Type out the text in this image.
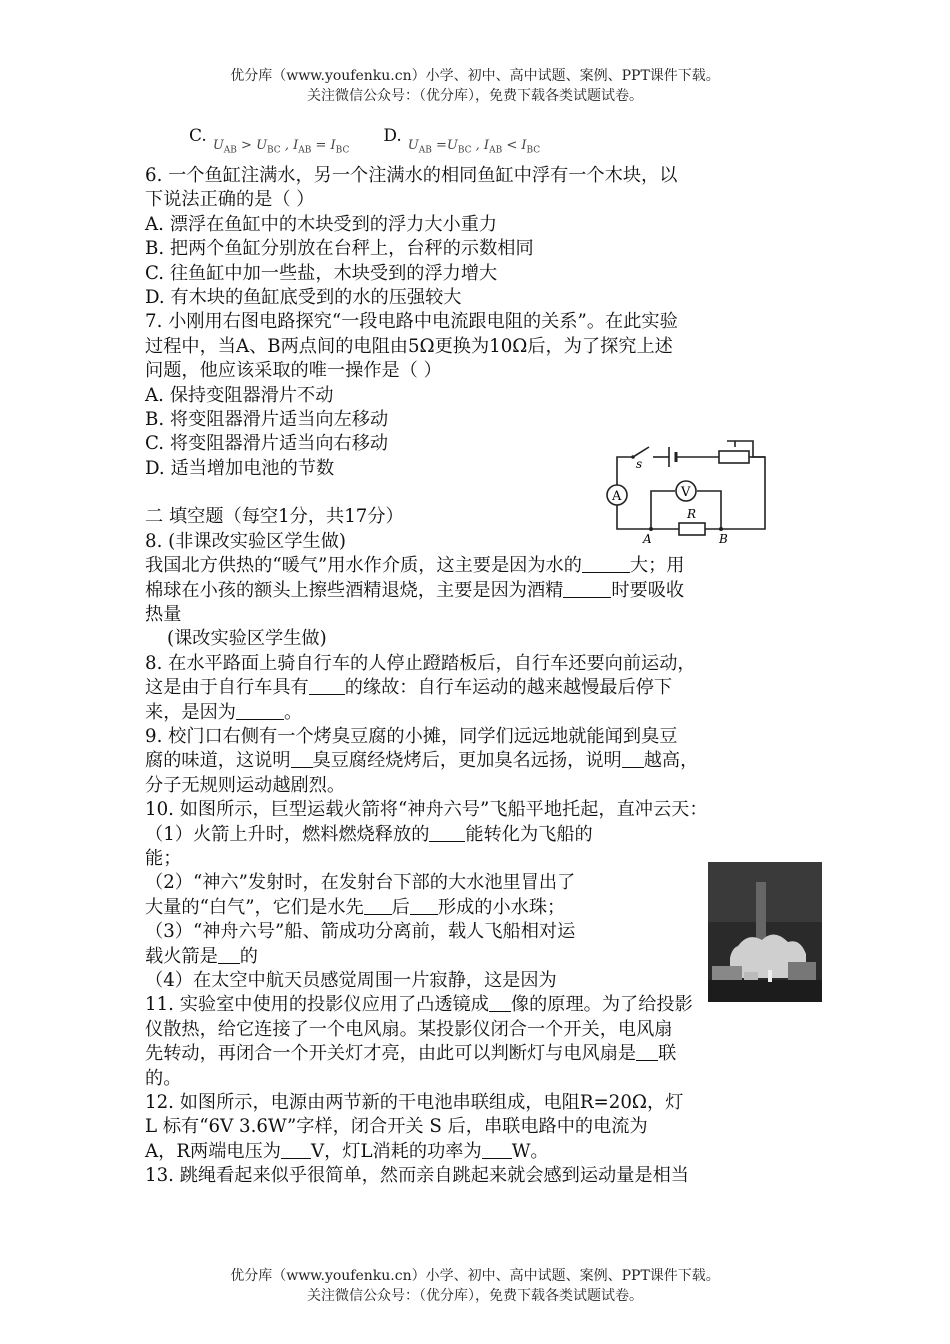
优分库（www.youfenku.cn）小学、初中、高中试题、案例、PPT课件下载。
关注微信公众号：（优分库），免费下载各类试题试卷。
C. $U_{AB} > U_{BC}$ , $I_{AB} = I_{BC}$
D. $U_{AB} =U_{BC}$ , $I_{AB} < I_{BC}$
6. 一个鱼缸注满水，另一个注满水的相同鱼缸中浮有一个木块，以
下说法正确的是（ ）
A. 漂浮在鱼缸中的木块受到的浮力大小重力
B. 把两个鱼缸分别放在台秤上，台秤的示数相同
C. 往鱼缸中加一些盐，木块受到的浮力增大
D. 有木块的鱼缸底受到的水的压强较大
7. 小刚用右图电路探究“一段电路中电流跟电阻的关系”。在此实验
过程中，当A、B两点间的电阻由5Ω更换为10Ω后，为了探究上述
问题，他应该采取的唯一操作是（ ）
A. 保持变阻器滑片不动
B. 将变阻器滑片适当向左移动
C. 将变阻器滑片适当向右移动
D. 适当增加电池的节数
二 填空题（每空1分，共17分）
8. (非课改实验区学生做)
我国北方供热的“暖气”用水作介质，这主要是因为水的	大；用
棉球在小孩的额头上擦些酒精退烧，主要是因为酒精	时要吸收
热量
(课改实验区学生做)
8. 在水平路面上骑自行车的人停止蹬踏板后，自行车还要向前运动，
这是由于自行车具有 的缘故：自行车运动的越来越慢最后停下
来，是因为	。
9. 校门口右侧有一个烤臭豆腐的小摊，同学们远远地就能闻到臭豆
腐的味道，这说明 臭豆腐经烧烤后，更加臭名远扬，说明 越高，
分子无规则运动越剧烈。
10. 如图所示，巨型运载火箭将“神舟六号”飞船平地托起，直冲云天：
（1）火箭上升时，燃料燃烧释放的 能转化为飞船的
能；
（2）“神六”发射时，在发射台下部的大水池里冒出了
大量的“白气”，它们是水先 后 形成的小水珠；
（3）“神舟六号”船、箭成功分离前，载人飞船相对运
载火箭是 的
（4）在太空中航天员感觉周围一片寂静，这是因为
11. 实验室中使用的投影仪应用了凸透镜成 像的原理。为了给投影
仪散热，给它连接了一个电风扇。某投影仪闭合一个开关，电风扇
先转动，再闭合一个开关灯才亮，由此可以判断灯与电风扇是 联
的。
12. 如图所示，电源由两节新的干电池串联组成，电阻R=20Ω，灯
L 标有“6V 3.6W”字样，闭合开关 S 后，串联电路中的电流为
A，R两端电压为 V，灯L消耗的功率为 W。
13. 跳绳看起来似乎很简单，然而亲自跳起来就会感到运动量是相当
A	V
s
R
A	B
优分库（www.youfenku.cn）小学、初中、高中试题、案例、PPT课件下载。
关注微信公众号：（优分库），免费下载各类试题试卷。
